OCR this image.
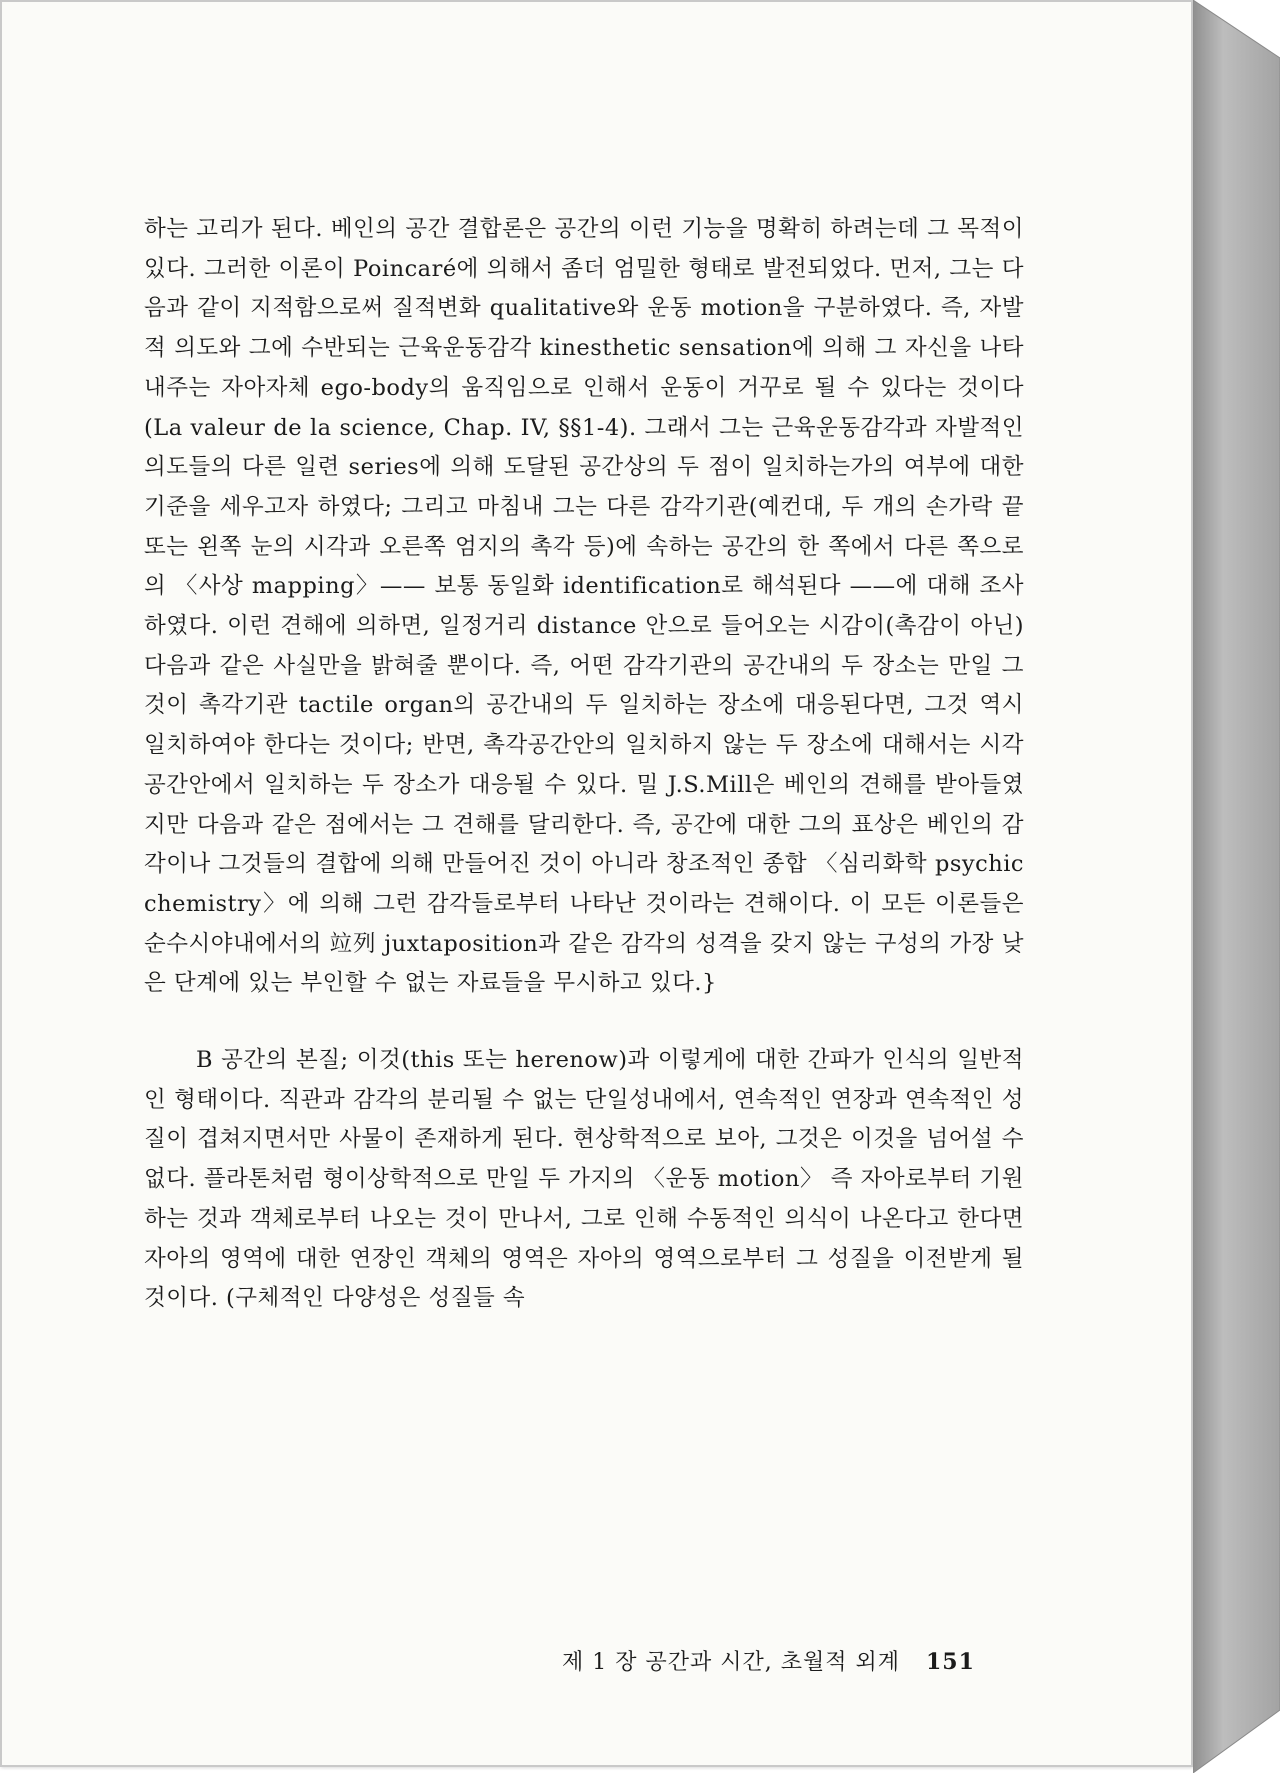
하는 고리가 된다. 베인의 공간 결합론은 공간의 이런 기능을 명확히 하려는데 그 목적이 있다. 그러한 이론이 Poincaré에 의해서 좀더 엄밀한 형태로 발전되었다. 먼저, 그는 다음과 같이 지적함으로써 질적변화 qualitative와 운동 motion을 구분하였다. 즉, 자발적 의도와 그에 수반되는 근육운동감각 kinesthetic sensation에 의해 그 자신을 나타내주는 자아자체 ego-body의 움직임으로 인해서 운동이 거꾸로 될 수 있다는 것이다(La valeur de la science, Chap. IV, §§1-4). 그래서 그는 근육운동감각과 자발적인 의도들의 다른 일련 series에 의해 도달된 공간상의 두 점이 일치하는가의 여부에 대한 기준을 세우고자 하였다; 그리고 마침내 그는 다른 감각기관(예컨대, 두 개의 손가락 끝 또는 왼쪽 눈의 시각과 오른쪽 엄지의 촉각 등)에 속하는 공간의 한 쪽에서 다른 쪽으로의 〈사상 mapping〉—— 보통 동일화 identification로 해석된다 ——에 대해 조사하였다. 이런 견해에 의하면, 일정거리 distance 안으로 들어오는 시감이(촉감이 아닌)다음과 같은 사실만을 밝혀줄 뿐이다. 즉, 어떤 감각기관의 공간내의 두 장소는 만일 그것이 촉각기관 tactile organ의 공간내의 두 일치하는 장소에 대응된다면, 그것 역시 일치하여야 한다는 것이다; 반면, 촉각공간안의 일치하지 않는 두 장소에 대해서는 시각공간안에서 일치하는 두 장소가 대응될 수 있다. 밀 J.S.Mill은 베인의 견해를 받아들였지만 다음과 같은 점에서는 그 견해를 달리한다. 즉, 공간에 대한 그의 표상은 베인의 감각이나 그것들의 결합에 의해 만들어진 것이 아니라 창조적인 종합 〈심리화학 psychic chemistry〉에 의해 그런 감각들로부터 나타난 것이라는 견해이다. 이 모든 이론들은 순수시야내에서의 竝列 juxtaposition과 같은 감각의 성격을 갖지 않는 구성의 가장 낮은 단계에 있는 부인할 수 없는 자료들을 무시하고 있다.}

B 공간의 본질; 이것(this 또는 herenow)과 이렇게에 대한 간파가 인식의 일반적인 형태이다. 직관과 감각의 분리될 수 없는 단일성내에서, 연속적인 연장과 연속적인 성질이 겹쳐지면서만 사물이 존재하게 된다. 현상학적으로 보아, 그것은 이것을 넘어설 수 없다. 플라톤처럼 형이상학적으로 만일 두 가지의 〈운동 motion〉 즉 자아로부터 기원하는 것과 객체로부터 나오는 것이 만나서, 그로 인해 수동적인 의식이 나온다고 한다면 자아의 영역에 대한 연장인 객체의 영역은 자아의 영역으로부터 그 성질을 이전받게 될 것이다. (구체적인 다양성은 성질들 속

제 1 장 공간과 시간, 초월적 외계 151
